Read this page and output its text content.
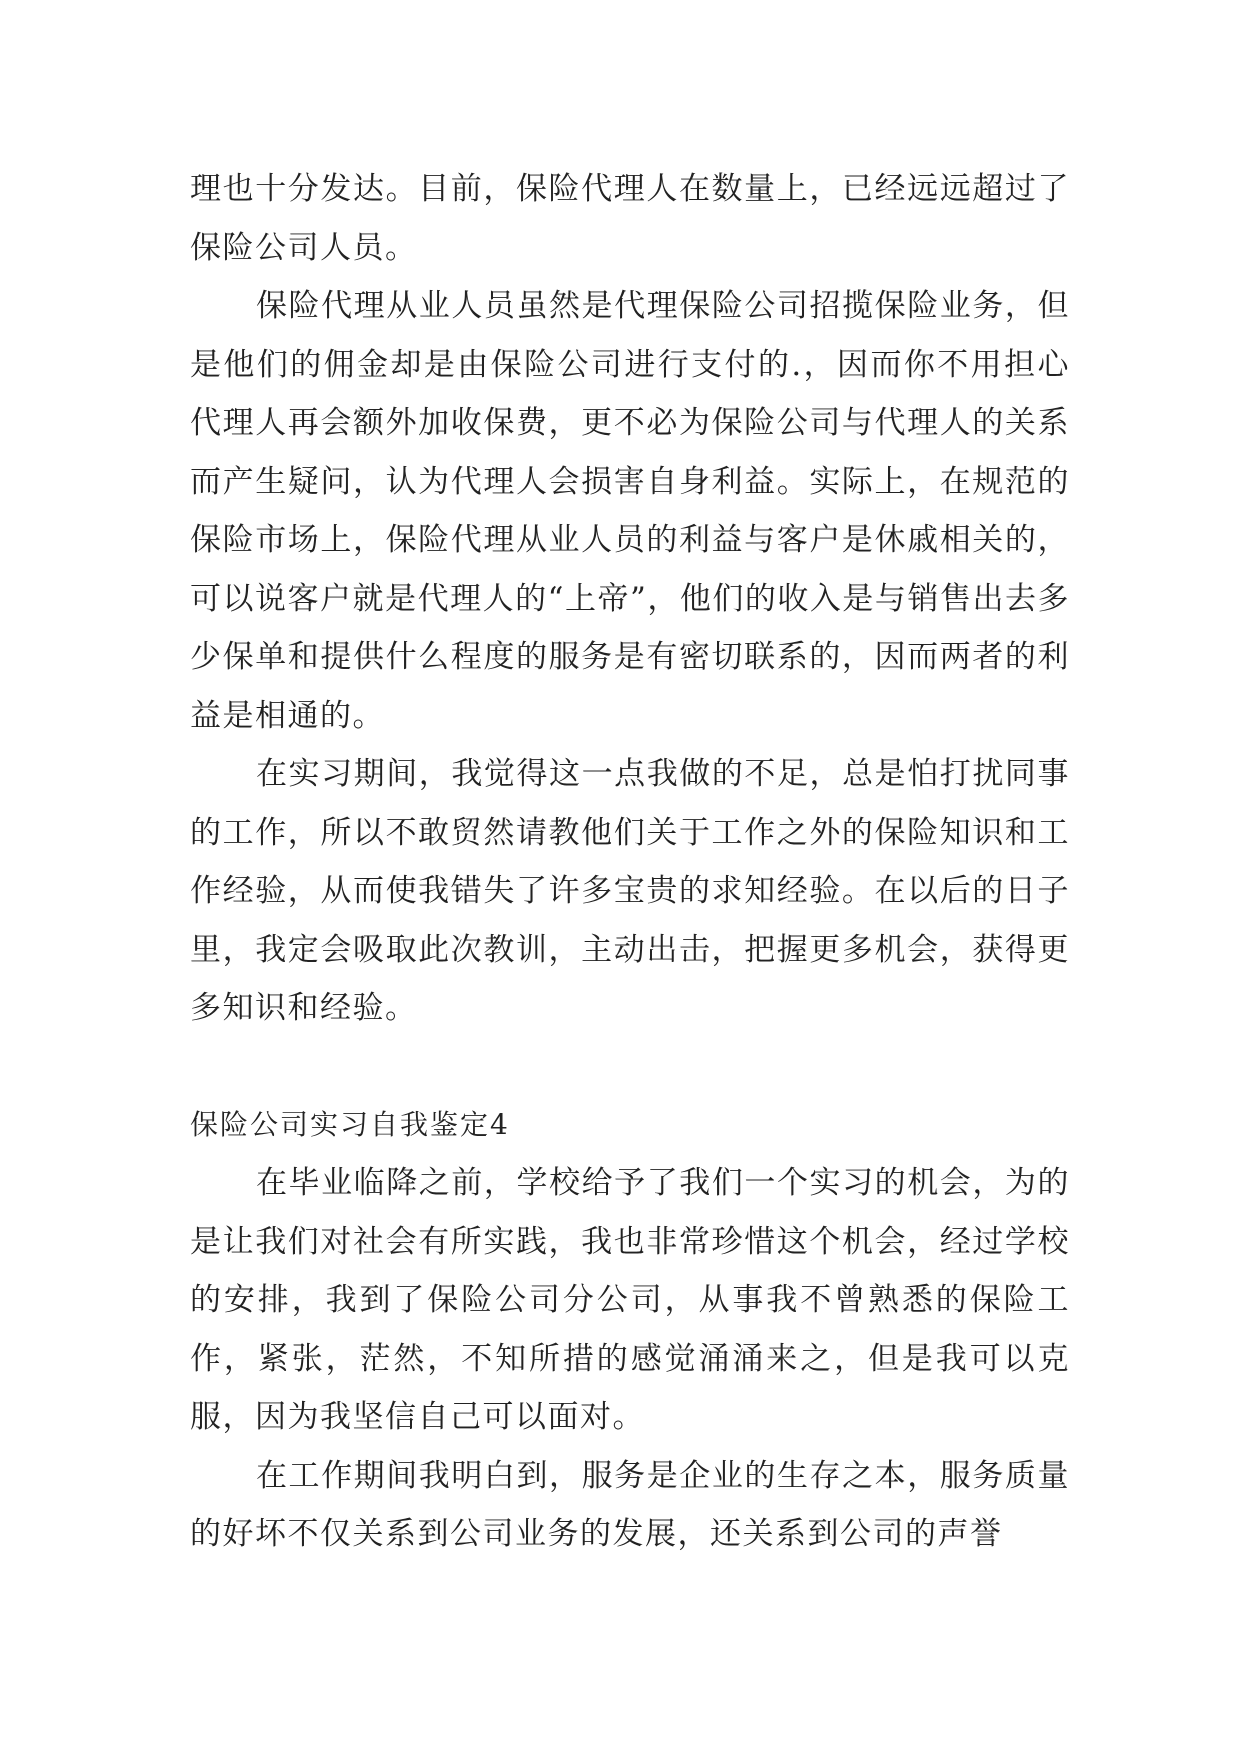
理也十分发达。目前，保险代理人在数量上，已经远远超过了保险公司人员。

保险代理从业人员虽然是代理保险公司招揽保险业务，但是他们的佣金却是由保险公司进行支付的.，因而你不用担心代理人再会额外加收保费，更不必为保险公司与代理人的关系而产生疑问，认为代理人会损害自身利益。实际上，在规范的保险市场上，保险代理从业人员的利益与客户是休戚相关的，可以说客户就是代理人的“上帝”，他们的收入是与销售出去多少保单和提供什么程度的服务是有密切联系的，因而两者的利益是相通的。

在实习期间，我觉得这一点我做的不足，总是怕打扰同事的工作，所以不敢贸然请教他们关于工作之外的保险知识和工作经验，从而使我错失了许多宝贵的求知经验。在以后的日子里，我定会吸取此次教训，主动出击，把握更多机会，获得更多知识和经验。

保险公司实习自我鉴定4

在毕业临降之前，学校给予了我们一个实习的机会，为的是让我们对社会有所实践，我也非常珍惜这个机会，经过学校的安排，我到了保险公司分公司，从事我不曾熟悉的保险工作，紧张，茫然，不知所措的感觉涌涌来之，但是我可以克服，因为我坚信自己可以面对。

在工作期间我明白到，服务是企业的生存之本，服务质量的好坏不仅关系到公司业务的发展，还关系到公司的声誉
